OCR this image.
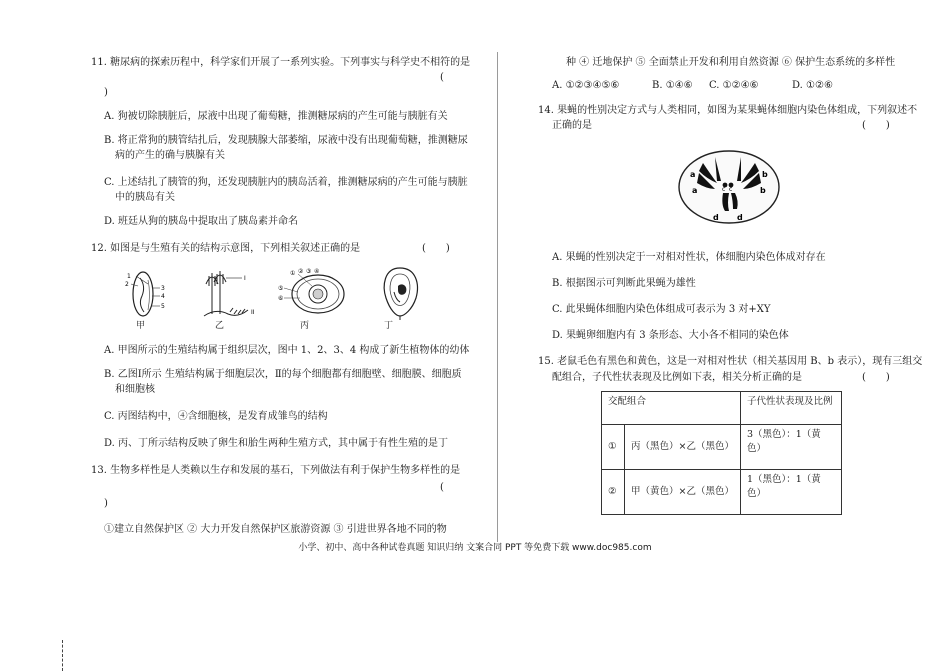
11. 糖尿病的探索历程中，科学家们开展了一系列实验。下列事实与科学史不相符的是
(
)
A. 狗被切除胰脏后，尿液中出现了葡萄糖，推测糖尿病的产生可能与胰脏有关
B. 将正常狗的胰管结扎后，发现胰腺大部萎缩，尿液中没有出现葡萄糖，推测糖尿
病的产生的确与胰腺有关
C. 上述结扎了胰管的狗，还发现胰脏内的胰岛活着，推测糖尿病的产生可能与胰脏
中的胰岛有关
D. 班廷从狗的胰岛中提取出了胰岛素并命名
12. 如图是与生殖有关的结构示意图，下列相关叙述正确的是	(　　)
1
2
3
4
5
I
II
① ② ③ ④
⑤
⑥
甲	乙	丙	丁
A. 甲图所示的生殖结构属于组织层次，图中 1、2、3、4 构成了新生植物体的幼体
B. 乙图Ⅰ所示 生殖结构属于细胞层次，Ⅱ的每个细胞都有细胞壁、细胞膜、细胞质
和细胞核
C. 丙图结构中，④含细胞核，是发育成雏鸟的结构
D. 丙、丁所示结构反映了卵生和胎生两种生殖方式，其中属于有性生殖的是丁
13. 生物多样性是人类赖以生存和发展的基石，下列做法有利于保护生物多样性的是
(
)
①建立自然保护区 ② 大力开发自然保护区旅游资源 ③ 引进世界各地不同的物
种 ④ 迁地保护 ⑤ 全面禁止开发和利用自然资源 ⑥ 保护生态系统的多样性
A. ①②③④⑤⑥	B. ①④⑥ C. ①②④⑥	D. ①②⑥
14. 果蝇的性别决定方式与人类相同，如图为某果蝇体细胞内染色体组成，下列叙述不
正确的是	(　　)
a
a
b
b
c c
d d
A. 果蝇的性别决定于一对相对性状，体细胞内染色体成对存在
B. 根据图示可判断此果蝇为雄性
C. 此果蝇体细胞内染色体组成可表示为 3 对+XY
D. 果蝇卵细胞内有 3 条形态、大小各不相同的染色体
15. 老鼠毛色有黑色和黄色，这是一对相对性状（相关基因用 B、b 表示），现有三组交
配组合，子代性状表现及比例如下表，相关分析正确的是	(　　)
交配组合		子代性状表现及比例
①	丙（黑色）×乙（黑色）	3（黑色）：1（黄色）
②	甲（黄色）×乙（黑色）	1（黑色）：1（黄色）
小学、初中、高中各种试卷真题 知识归纳 文案合同 PPT 等免费下载 www.doc985.com
